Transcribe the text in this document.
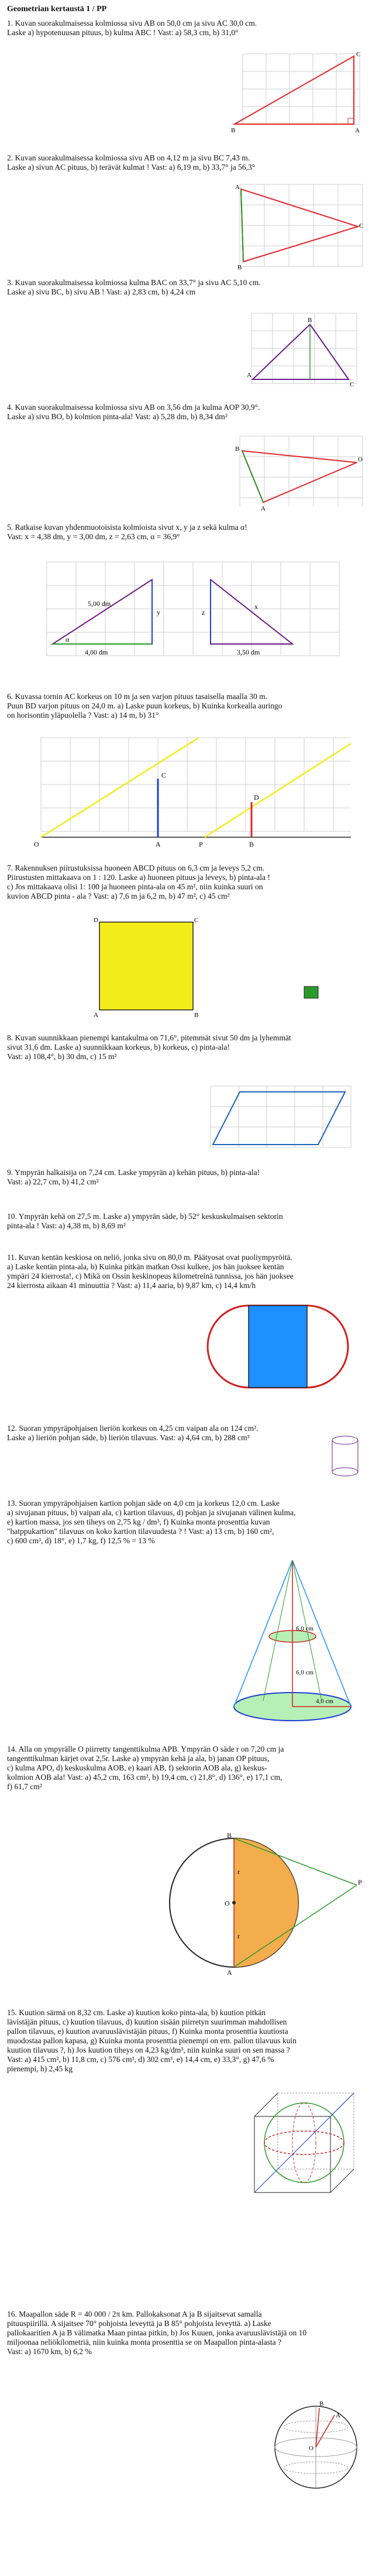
Geometrian kertaustä 1 / PP

1. Kuvan suorakulmaisessa kolmiossa sivu AB on 50,0 cm ja sivu AC 30,0 cm.

Laske a) hypotenuusan pituus, b) kulma ABC ! Vast: a) 58,3 cm, b) 31,0°

2. Kuvan suorakulmaisessa kolmiossa sivu AB on 4,12 m ja sivu BC 7,43 m.

Laske a) sivun AC pituus, b) terävät kulmat ! Vast: a) 6,19 m, b) 33,7° ja 56,3°

3. Kuvan suorakulmaisessa kolmiossa kulma BAC on 33,7° ja sivu AC 5,10 cm.

Laske a) sivu BC, b) sivu AB ! Vast: a) 2,83 cm, b) 4,24 cm

4. Kuvan suorakulmaisessa kolmiossa sivu AB on 3,56 dm ja kulma AOP 30,9°.

Laske a) sivu BO, b) kolmion pinta-ala! Vast: a) 5,28 dm, b) 8,34 dm²

5. Ratkaise kuvan yhdenmuotoisista kolmioista sivut x, y ja z sekä kulma α!

Vast: x = 4,38 dm, y = 3,00 dm, z = 2,63 cm, α = 36,9°

6. Kuvassa tornin AC korkeus on 10 m ja sen varjon pituus tasaisella maalla 30 m.

Puun BD varjon pituus on 24,0 m. a) Laske puun korkeus, b) Kuinka korkealla auringo

on horisontin yläpuolella ? Vast: a) 14 m, b) 31°

7. Rakennuksen piirustuksissa huoneen ABCD pituus on 6,3 cm ja leveys 5,2 cm.

Piirustusten mittakaava on 1 : 120. Laske a) huoneen pituus ja leveys, b) pinta-ala !

c) Jos mittakaava olisi 1: 100 ja huoneen pinta-ala on 45 m², niin kuinka suuri on

kuvion ABCD pinta - ala ? Vast: a) 7,6 m ja 6,2 m, b) 47 m², c) 45 cm²

8. Kuvan suunnikkaan pienempi kantakulma on 71,6°, pitemmät sivut 50 dm ja lyhemmät

sivut 31,6 dm. Laske a) suunnikkaan korkeus, b) korkeus, c) pinta-ala!

Vast: a) 108,4°, b) 30 dm, c) 15 m²

9. Ympyrän halkaisija on 7,24 cm. Laske ympyrän a) kehän pituus, b) pinta-ala!

Vast: a) 22,7 cm, b) 41,2 cm²

10. Ympyrän kehä on 27,5 m. Laske a) ympyrän säde, b) 52° keskuskulmaisen sektorin

pinta-ala ! Vast: a) 4,38 m, b) 8,69 m²

11. Kuvan kentän keskiosa on neliö, jonka sivu on 80,0 m. Päätyosat ovat puoliympyröitä.

a) Laske kentän pinta-ala, b) Kuinka pitkän matkan Ossi kulkee, jos hän juoksee kentän

ympäri 24 kierrosta!, c) Mikä on Ossin keskinopeus kilometreinä tunnissa, jos hän juoksee

24 kierrosta aikaan 41 minuuttia ? Vast: a) 11,4 aaria, b) 9,87 km, c) 14,4 km/h

12. Suoran ympyräpohjaisen lieriön korkeus on 4,25 cm vaipan ala on 124 cm².

Laske a) lieriön pohjan säde, b) lieriön tilavuus. Vast: a) 4,64 cm, b) 288 cm³

13. Suoran ympyräpohjaisen kartion pohjan säde on 4,0 cm ja korkeus 12,0 cm. Laske

a) sivujanan pituus, b) vaipan ala, c) kartion tilavuus, d) pohjan ja sivujanan välinen kulma,

e) kartion massa, jos sen tiheys on 2,75 kg / dm³, f) Kuinka monta prosenttia kuvan

"hatppukartion" tilavuus on koko kartion tilavuudesta ? ! Vast: a) 13 cm, b) 160 cm²,

c) 600 cm³, d) 18°, e) 1,7 kg, f) 12,5 % = 13 %

14. Alla on ympyrälle O piirretty tangenttikulma APB. Ympyrän O säde r on 7,20 cm ja

tangenttikulman kärjet ovat 2,5r. Laske a) ympyrän kehä ja ala, b) janan OP pituus,

c) kulma APO, d) keskuskulma AOB, e) kaari AB, f) sektorin AOB ala, g) keskus-

kolmion AOB ala! Vast: a) 45,2 cm, 163 cm², b) 19,4 cm, c) 21,8°, d) 136°, e) 17,1 cm,

f) 61,7 cm²

15. Kuution särmä on 8,32 cm. Laske a) kuution koko pinta-ala, b) kuution pitkän

lävistäjän pituus, c) kuution tilavuus, d) kuution sisään piirretyn suurimman mahdollisen

pallon tilavuus, e) kuution avaruuslävistäjän pituus, f) Kuinka monta prosenttia kuutiosta

muodostaa pallon kapasa, g) Kuinka monta prosenttia pienempi on em. pallon tilavuus kuin

kuution tilavuus ?, h) Jos kuution tiheys on 4,23 kg/dm³, niin kuinka suuri on sen massa ?

Vast: a) 415 cm², b) 11,8 cm, c) 576 cm³, d) 302 cm³, e) 14,4 cm, e) 33,3°, g) 47,6 %

pienempi, h) 2,45 kg

16. Maapallon säde R = 40 000 / 2π km. Pallokaksonat A ja B sijaitsevat samalla

pituuspiirillä. A sijaitsee 70° pohjoista leveyttä ja B 85° pohjoista leveyttä. a) Laske

pallokaaritien A ja B välimatka Maan pintaa pitkin, b) Jos Kuuen, jonka avaruuslävistäjä on 10

miljoonaa neliökilometriä, niin kuinka monta prosenttia se on Maapallon pinta-alasta ?

Vast: a) 1670 km, b) 6,2 %

C
B	A
A
B
C
A
B
C
B
A
O
5,00 dm
4,00 dm	3,50 dm
y	z
x
α
O	A	P	B
C
D
A	B
C
D
6,0 cm
6,0 cm
4,0 cm
B
A
O
P
r
r
B
A
O
